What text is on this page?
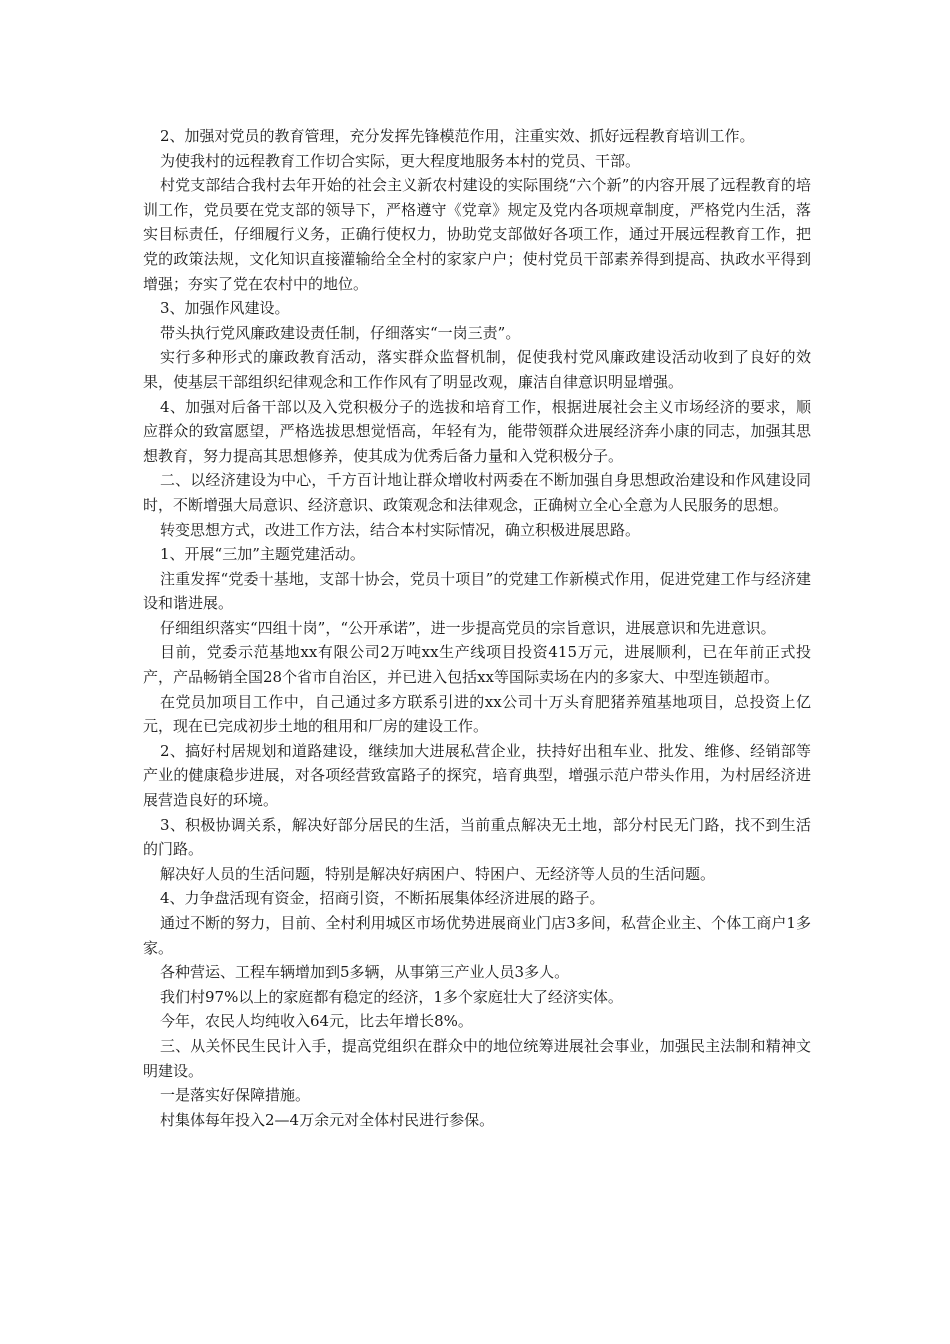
2、加强对党员的教育管理，充分发挥先锋模范作用，注重实效、抓好远程教育培训工作。

为使我村的远程教育工作切合实际，更大程度地服务本村的党员、干部。

村党支部结合我村去年开始的社会主义新农村建设的实际围绕“六个新”的内容开展了远程教育的培训工作，党员要在党支部的领导下，严格遵守《党章》规定及党内各项规章制度，严格党内生活，落实目标责任，仔细履行义务，正确行使权力，协助党支部做好各项工作，通过开展远程教育工作，把党的政策法规，文化知识直接灌输给全全村的家家户户；使村党员干部素养得到提高、执政水平得到增强；夯实了党在农村中的地位。

3、加强作风建设。

带头执行党风廉政建设责任制，仔细落实“一岗三责”。

实行多种形式的廉政教育活动，落实群众监督机制，促使我村党风廉政建设活动收到了良好的效果，使基层干部组织纪律观念和工作作风有了明显改观，廉洁自律意识明显增强。

4、加强对后备干部以及入党积极分子的选拔和培育工作，根据进展社会主义市场经济的要求，顺应群众的致富愿望，严格选拔思想觉悟高，年轻有为，能带领群众进展经济奔小康的同志，加强其思想教育，努力提高其思想修养，使其成为优秀后备力量和入党积极分子。

二、以经济建设为中心，千方百计地让群众增收村两委在不断加强自身思想政治建设和作风建设同时，不断增强大局意识、经济意识、政策观念和法律观念，正确树立全心全意为人民服务的思想。

转变思想方式，改进工作方法，结合本村实际情况，确立积极进展思路。

1、开展“三加”主题党建活动。

注重发挥“党委十基地，支部十协会，党员十项目”的党建工作新模式作用，促进党建工作与经济建设和谐进展。

仔细组织落实“四组十岗”，“公开承诺”，进一步提高党员的宗旨意识，进展意识和先进意识。

目前，党委示范基地xx有限公司2万吨xx生产线项目投资415万元，进展顺利，已在年前正式投产，产品畅销全国28个省市自治区，并已进入包括xx等国际卖场在内的多家大、中型连锁超市。

在党员加项目工作中，自己通过多方联系引进的xx公司十万头育肥猪养殖基地项目，总投资上亿元，现在已完成初步土地的租用和厂房的建设工作。

2、搞好村居规划和道路建设，继续加大进展私营企业，扶持好出租车业、批发、维修、经销部等产业的健康稳步进展，对各项经营致富路子的探究，培育典型，增强示范户带头作用，为村居经济进展营造良好的环境。

3、积极协调关系，解决好部分居民的生活，当前重点解决无土地，部分村民无门路，找不到生活的门路。

解决好人员的生活问题，特别是解决好病困户、特困户、无经济等人员的生活问题。

4、力争盘活现有资金，招商引资，不断拓展集体经济进展的路子。

通过不断的努力，目前、全村利用城区市场优势进展商业门店3多间，私营企业主、个体工商户1多家。

各种营运、工程车辆增加到5多辆，从事第三产业人员3多人。

我们村97%以上的家庭都有稳定的经济，1多个家庭壮大了经济实体。

今年，农民人均纯收入64元，比去年增长8%。

三、从关怀民生民计入手，提高党组织在群众中的地位统筹进展社会事业，加强民主法制和精神文明建设。

一是落实好保障措施。

村集体每年投入2—4万余元对全体村民进行参保。
